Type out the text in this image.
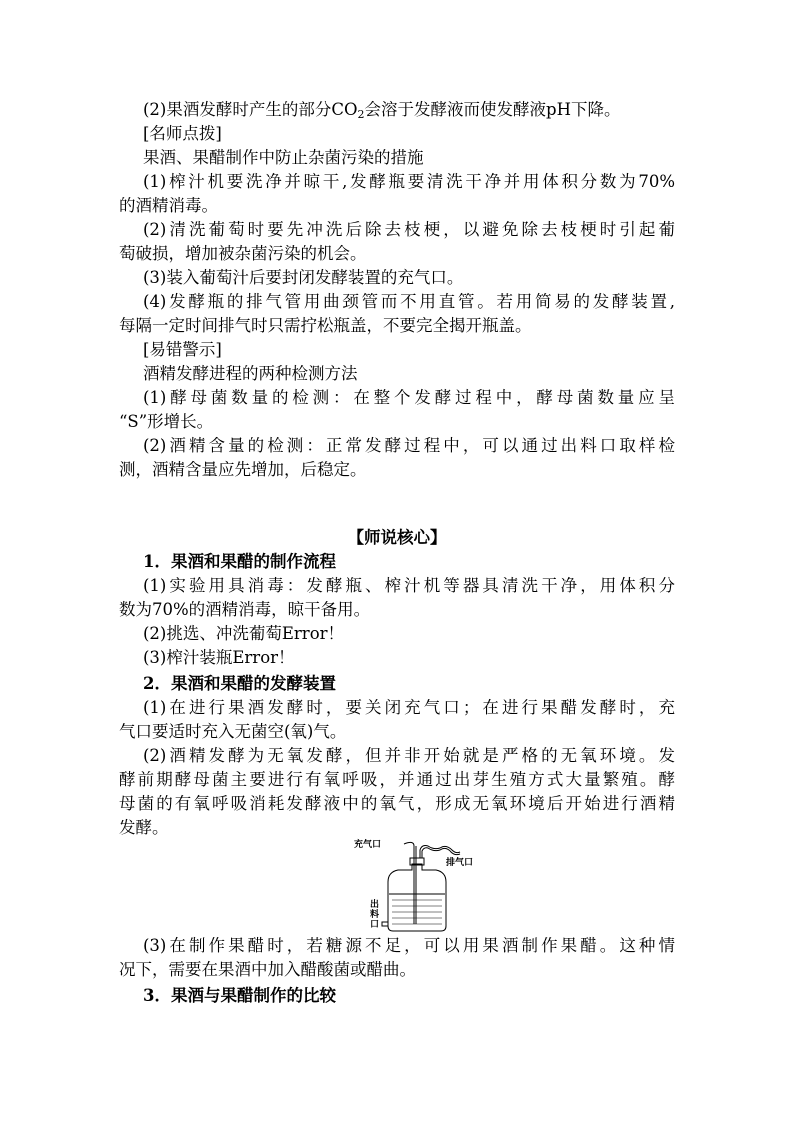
(2)果酒发酵时产生的部分$CO_2$会溶于发酵液而使发酵液pH下降。
[名师点拨]
果酒、果醋制作中防止杂菌污染的措施
(1)榨汁机要洗净并晾干,发酵瓶要清洗干净并用体积分数为70%
的酒精消毒。
(2)清洗葡萄时要先冲洗后除去枝梗，以避免除去枝梗时引起葡
萄破损，增加被杂菌污染的机会。
(3)装入葡萄汁后要封闭发酵装置的充气口。
(4)发酵瓶的排气管用曲颈管而不用直管。若用简易的发酵装置,
每隔一定时间排气时只需拧松瓶盖，不要完全揭开瓶盖。
[易错警示]
酒精发酵进程的两种检测方法
(1)酵母菌数量的检测：在整个发酵过程中，酵母菌数量应呈
“S”形增长。
(2)酒精含量的检测：正常发酵过程中，可以通过出料口取样检
测，酒精含量应先增加，后稳定。
【师说核心】
1．果酒和果醋的制作流程
(1)实验用具消毒：发酵瓶、榨汁机等器具清洗干净，用体积分
数为70%的酒精消毒，晾干备用。
(2)挑选、冲洗葡萄Error！
(3)榨汁装瓶Error！
2．果酒和果醋的发酵装置
(1)在进行果酒发酵时，要关闭充气口；在进行果醋发酵时，充
气口要适时充入无菌空(氧)气。
(2)酒精发酵为无氧发酵，但并非开始就是严格的无氧环境。发
酵前期酵母菌主要进行有氧呼吸，并通过出芽生殖方式大量繁殖。酵
母菌的有氧呼吸消耗发酵液中的氧气，形成无氧环境后开始进行酒精
发酵。
充气口
排气口
出
料
口
(3)在制作果醋时，若糖源不足，可以用果酒制作果醋。这种情
况下，需要在果酒中加入醋酸菌或醋曲。
3．果酒与果醋制作的比较
